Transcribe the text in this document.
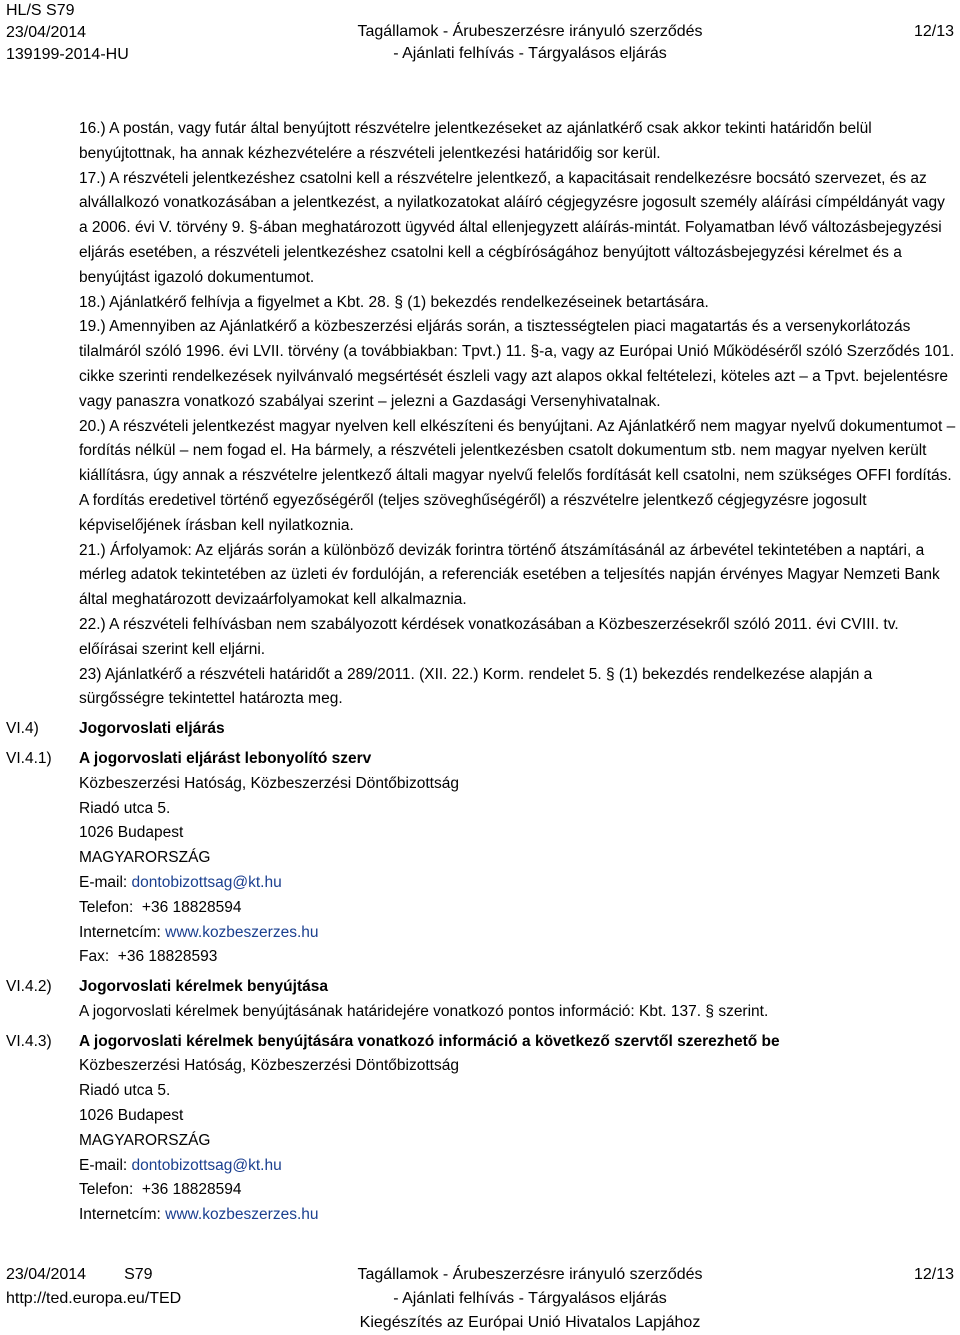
HL/S S79
23/04/2014
139199-2014-HU
Tagállamok - Árubeszerzésre irányuló szerződés
- Ajánlati felhívás - Tárgyalásos eljárás
12/13

16.) A postán, vagy futár által benyújtott részvételre jelentkezéseket az ajánlatkérő csak akkor tekinti határidőn belül benyújtottnak, ha annak kézhezvételére a részvételi jelentkezési határidőig sor kerül.

17.) A részvételi jelentkezéshez csatolni kell a részvételre jelentkező, a kapacitásait rendelkezésre bocsátó szervezet, és az alvállalkozó vonatkozásában a jelentkezést, a nyilatkozatokat aláíró cégjegyzésre jogosult személy aláírási címpéldányát vagy a 2006. évi V. törvény 9. §-ában meghatározott ügyvéd által ellenjegyzett aláírás-mintát. Folyamatban lévő változásbejegyzési eljárás esetében, a részvételi jelentkezéshez csatolni kell a cégbíróságához benyújtott változásbejegyzési kérelmet és a benyújtást igazoló dokumentumot.

18.) Ajánlatkérő felhívja a figyelmet a Kbt. 28. § (1) bekezdés rendelkezéseinek betartására.

19.) Amennyiben az Ajánlatkérő a közbeszerzési eljárás során, a tisztességtelen piaci magatartás és a versenykorlátozás tilalmáról szóló 1996. évi LVII. törvény (a továbbiakban: Tpvt.) 11. §-a, vagy az Európai Unió Működéséről szóló Szerződés 101. cikke szerinti rendelkezések nyilvánvaló megsértését észleli vagy azt alapos okkal feltételezi, köteles azt – a Tpvt. bejelentésre vagy panaszra vonatkozó szabályai szerint – jelezni a Gazdasági Versenyhivatalnak.

20.) A részvételi jelentkezést magyar nyelven kell elkészíteni és benyújtani. Az Ajánlatkérő nem magyar nyelvű dokumentumot – fordítás nélkül – nem fogad el. Ha bármely, a részvételi jelentkezésben csatolt dokumentum stb. nem magyar nyelven került kiállításra, úgy annak a részvételre jelentkező általi magyar nyelvű felelős fordítását kell csatolni, nem szükséges OFFI fordítás. A fordítás eredetivel történő egyezőségéről (teljes szöveghűségéről) a részvételre jelentkező cégjegyzésre jogosult képviselőjének írásban kell nyilatkoznia.

21.) Árfolyamok: Az eljárás során a különböző devizák forintra történő átszámításánál az árbevétel tekintetében a naptári, a mérleg adatok tekintetében az üzleti év fordulóján, a referenciák esetében a teljesítés napján érvényes Magyar Nemzeti Bank által meghatározott devizaárfolyamokat kell alkalmaznia.

22.) A részvételi felhívásban nem szabályozott kérdések vonatkozásában a Közbeszerzésekről szóló 2011. évi CVIII. tv. előírásai szerint kell eljárni.

23) Ajánlatkérő a részvételi határidőt a 289/2011. (XII. 22.) Korm. rendelet 5. § (1) bekezdés rendelkezése alapján a sürgősségre tekintettel határozta meg.

VI.4)	Jogorvoslati eljárás

VI.4.1) A jogorvoslati eljárást lebonyolító szerv

Közbeszerzési Hatóság, Közbeszerzési Döntőbizottság

Riadó utca 5.

1026 Budapest

MAGYARORSZÁG

E-mail: dontobizottsag@kt.hu

Telefon: +36 18828594

Internetcím: www.kozbeszerzes.hu

Fax: +36 18828593

VI.4.2) Jogorvoslati kérelmek benyújtása

A jogorvoslati kérelmek benyújtásának határidejére vonatkozó pontos információ: Kbt. 137. § szerint.

VI.4.3) A jogorvoslati kérelmek benyújtására vonatkozó információ a következő szervtől szerezhető be

Közbeszerzési Hatóság, Közbeszerzési Döntőbizottság

Riadó utca 5.

1026 Budapest

MAGYARORSZÁG

E-mail: dontobizottsag@kt.hu

Telefon: +36 18828594

Internetcím: www.kozbeszerzes.hu

23/04/2014 S79
http://ted.europa.eu/TED
Tagállamok - Árubeszerzésre irányuló szerződés
- Ajánlati felhívás - Tárgyalásos eljárás
Kiegészítés az Európai Unió Hivatalos Lapjához
12/13
